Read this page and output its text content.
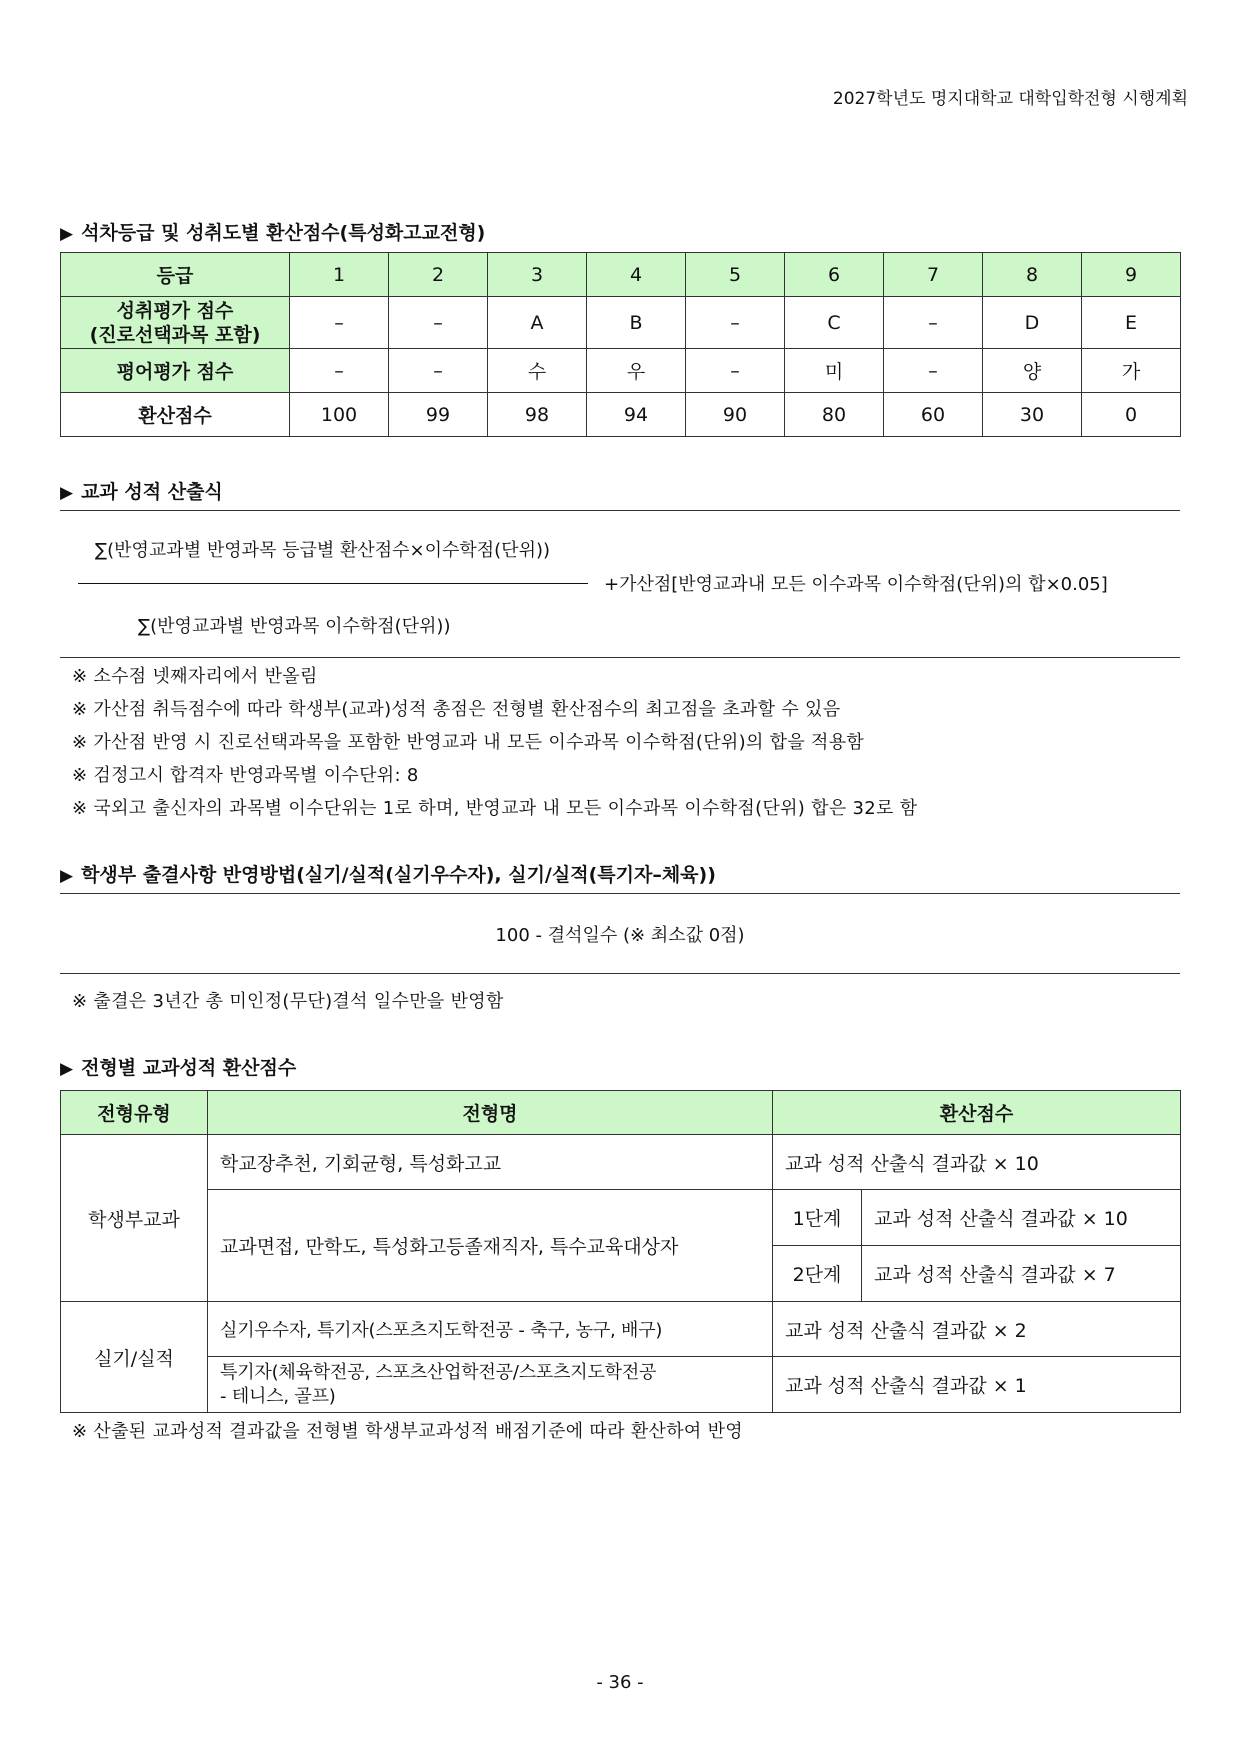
2027학년도 명지대학교 대학입학전형 시행계획
▶ 석차등급 및 성취도별 환산점수(특성화고교전형)
등급	1	2	3	4	5	6	7	8	9

성취평가 점수
(진로선택과목 포함)	–	–	A	B	–	C	–	D	E
평어평가 점수	–	–	수	우	–	미	–	양	가
환산점수	100	99	98	94	90	80	60	30	0
▶ 교과 성적 산출식
∑(반영교과별 반영과목 등급별 환산점수×이수학점(단위))
+가산점[반영교과내 모든 이수과목 이수학점(단위)의 합×0.05]
∑(반영교과별 반영과목 이수학점(단위))
※ 소수점 넷째자리에서 반올림
※ 가산점 취득점수에 따라 학생부(교과)성적 총점은 전형별 환산점수의 최고점을 초과할 수 있음
※ 가산점 반영 시 진로선택과목을 포함한 반영교과 내 모든 이수과목 이수학점(단위)의 합을 적용함
※ 검정고시 합격자 반영과목별 이수단위: 8
※ 국외고 출신자의 과목별 이수단위는 1로 하며, 반영교과 내 모든 이수과목 이수학점(단위) 합은 32로 함
▶ 학생부 출결사항 반영방법(실기/실적(실기우수자), 실기/실적(특기자–체육))
100 - 결석일수 (※ 최소값 0점)
※ 출결은 3년간 총 미인정(무단)결석 일수만을 반영함
▶ 전형별 교과성적 환산점수
전형유형	전형명	환산점수	
학생부교과	학교장추천, 기회균형, 특성화고교	교과 성적 산출식 결과값 × 10	
	교과면접, 만학도, 특성화고등졸재직자, 특수교육대상자	1단계	교과 성적 산출식 결과값 × 10
		2단계	교과 성적 산출식 결과값 × 7
실기/실적	실기우수자, 특기자(스포츠지도학전공 - 축구, 농구, 배구)	교과 성적 산출식 결과값 × 2	

	특기자(체육학전공, 스포츠산업학전공/스포츠지도학전공
- 테니스, 골프)	교과 성적 산출식 결과값 × 1	
※ 산출된 교과성적 결과값을 전형별 학생부교과성적 배점기준에 따라 환산하여 반영
- 36 -
